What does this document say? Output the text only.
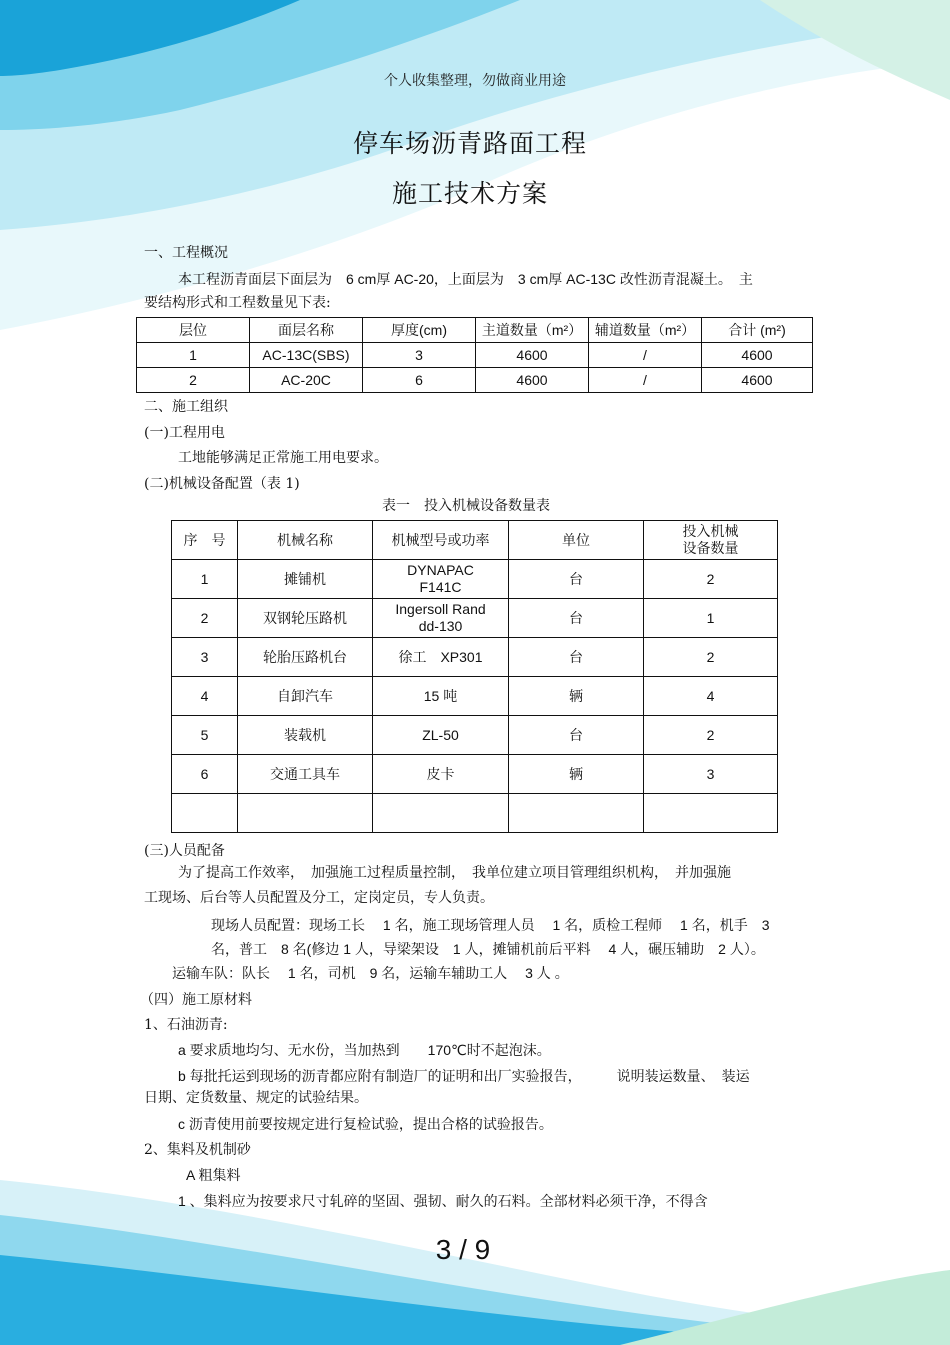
个人收集整理，勿做商业用途
停车场沥青路面工程
施工技术方案
一、工程概况
本工程沥青面层下面层为　6 cm厚 AC-20，上面层为　3 cm厚 AC-13C 改性沥青混凝土。　主
要结构形式和工程数量见下表:
层位	面层名称	厚度(cm)	主道数量（m²）	辅道数量（m²）	合计 (m²)
1	AC-13C(SBS)	3	4600	/	4600
2	AC-20C	6	4600	/	4600
二、施工组织
(一)工程用电
工地能够满足正常施工用电要求。
(二)机械设备配置（表 1)
表一　投入机械设备数量表
序　号	机械名称	机械型号或功率	单位	投入机械
设备数量
1	摊铺机	DYNAPAC
F141C	台	2
2	双钢轮压路机	Ingersoll Rand
dd-130	台	1
3	轮胎压路机台	徐工　XP301	台	2
4	自卸汽车	15 吨	辆	4
5	装载机	ZL-50	台	2
6	交通工具车	皮卡	辆	3

(三)人员配备
为了提高工作效率，　加强施工过程质量控制，　我单位建立项目管理组织机构，　并加强施
工现场、后台等人员配置及分工，定岗定员，专人负责。
现场人员配置：现场工长　 1 名，施工现场管理人员　 1 名，质检工程师　 1 名，机手　3
名，普工　8 名(修边 1 人，导梁架设　1 人，摊铺机前后平料　 4 人，碾压辅助　2 人）。
运输车队：队长　 1 名，司机　9 名，运输车辅助工人　 3 人 。
（四）施工原材料
1、石油沥青:
a 要求质地均匀、无水份，当加热到　　170℃时不起泡沫。
b 每批托运到现场的沥青都应附有制造厂的证明和出厂实验报告，　　　说明装运数量、　装运
日期、定货数量、规定的试验结果。
c 沥青使用前要按规定进行复检试验，提出合格的试验报告。
2、集料及机制砂
A 粗集料
1 、集料应为按要求尺寸轧碎的坚固、强韧、耐久的石料。全部材料必须干净，不得含
3 / 9
